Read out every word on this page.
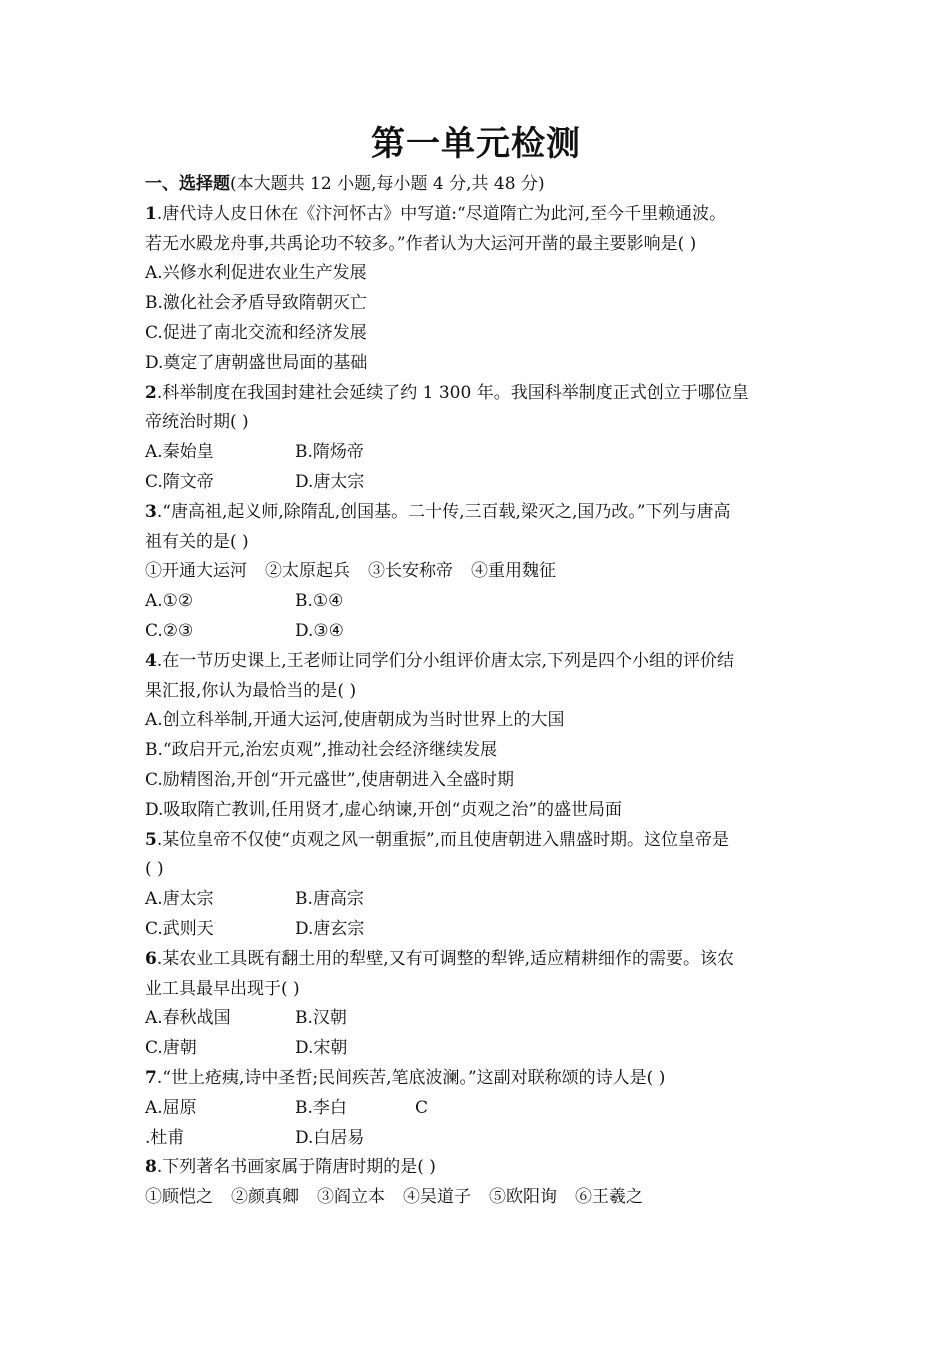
第一单元检测
一、选择题(本大题共 12 小题,每小题 4 分,共 48 分)
1.唐代诗人皮日休在《汴河怀古》中写道:“尽道隋亡为此河,至今千里赖通波。
若无水殿龙舟事,共禹论功不较多。”作者认为大运河开凿的最主要影响是( )
A.兴修水利促进农业生产发展
B.激化社会矛盾导致隋朝灭亡
C.促进了南北交流和经济发展
D.奠定了唐朝盛世局面的基础
2.科举制度在我国封建社会延续了约 1 300 年。我国科举制度正式创立于哪位皇
帝统治时期( )
A.秦始皇	B.隋炀帝
C.隋文帝	D.唐太宗
3.“唐高祖,起义师,除隋乱,创国基。二十传,三百载,梁灭之,国乃改。”下列与唐高
祖有关的是( )
①开通大运河 ②太原起兵 ③长安称帝 ④重用魏征
A.①②	B.①④
C.②③	D.③④
4.在一节历史课上,王老师让同学们分小组评价唐太宗,下列是四个小组的评价结
果汇报,你认为最恰当的是( )
A.创立科举制,开通大运河,使唐朝成为当时世界上的大国
B.“政启开元,治宏贞观”,推动社会经济继续发展
C.励精图治,开创“开元盛世”,使唐朝进入全盛时期
D.吸取隋亡教训,任用贤才,虚心纳谏,开创“贞观之治”的盛世局面
5.某位皇帝不仅使“贞观之风一朝重振”,而且使唐朝进入鼎盛时期。这位皇帝是
( )
A.唐太宗	B.唐高宗
C.武则天	D.唐玄宗
6.某农业工具既有翻土用的犁壁,又有可调整的犁铧,适应精耕细作的需要。该农
业工具最早出现于( )
A.春秋战国	B.汉朝
C.唐朝	D.宋朝
7.“世上疮痍,诗中圣哲;民间疾苦,笔底波澜。”这副对联称颂的诗人是( )
A.屈原	B.李白	C
.杜甫	D.白居易
8.下列著名书画家属于隋唐时期的是( )
①顾恺之 ②颜真卿 ③阎立本 ④吴道子 ⑤欧阳询 ⑥王羲之
